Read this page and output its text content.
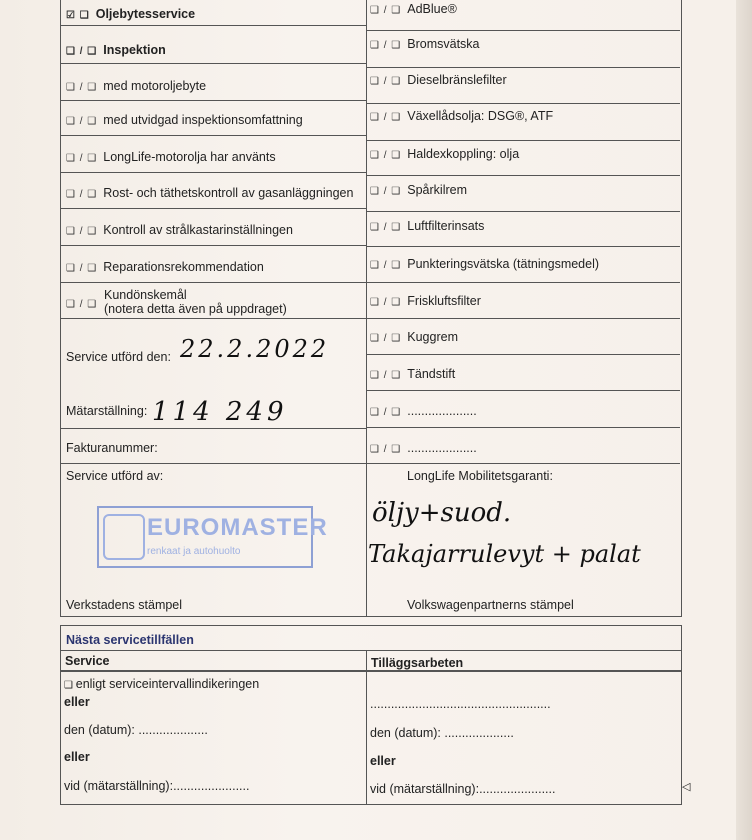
☑ ❑ Oljebytesservice
❑ / ❑ Inspektion
❑ / ❑ med motoroljebyte
❑ / ❑ med utvidgad inspektionsomfattning
❑ / ❑ LongLife-motorolja har använts
❑ / ❑ Rost- och täthetskontroll av gasanläggningen
❑ / ❑ Kontroll av strålkastarinställningen
❑ / ❑ Reparationsrekommendation
❑ / ❑
Kundönskemål
(notera detta även på uppdraget)
Service utförd den: 22.2.2022
Mätarställning: 114 249
Fakturanummer:
Service utförd av:
EUROMASTER
renkaat ja autohuolto
Verkstadens stämpel
❑ / ❑ AdBlue®
❑ / ❑ Bromsvätska
❑ / ❑ Dieselbränslefilter
❑ / ❑ Växellådsolja: DSG®, ATF
❑ / ❑ Haldexkoppling: olja
❑ / ❑ Spårkilrem
❑ / ❑ Luftfilterinsats
❑ / ❑ Punkteringsvätska (tätningsmedel)
❑ / ❑ Friskluftsfilter
❑ / ❑ Kuggrem
❑ / ❑ Tändstift
❑ / ❑ ....................
❑ / ❑ ....................
LongLife Mobilitetsgaranti:
öljy+suod.
Takajarrulevyt + palat
Volkswagenpartnerns stämpel
Nästa servicetillfällen
Service	Tilläggsarbeten
❑ enligt serviceintervallindikeringen
eller
den (datum): ....................
eller
vid (mätarställning):......................
....................................................
den (datum): ....................
eller
vid (mätarställning):......................	◁
